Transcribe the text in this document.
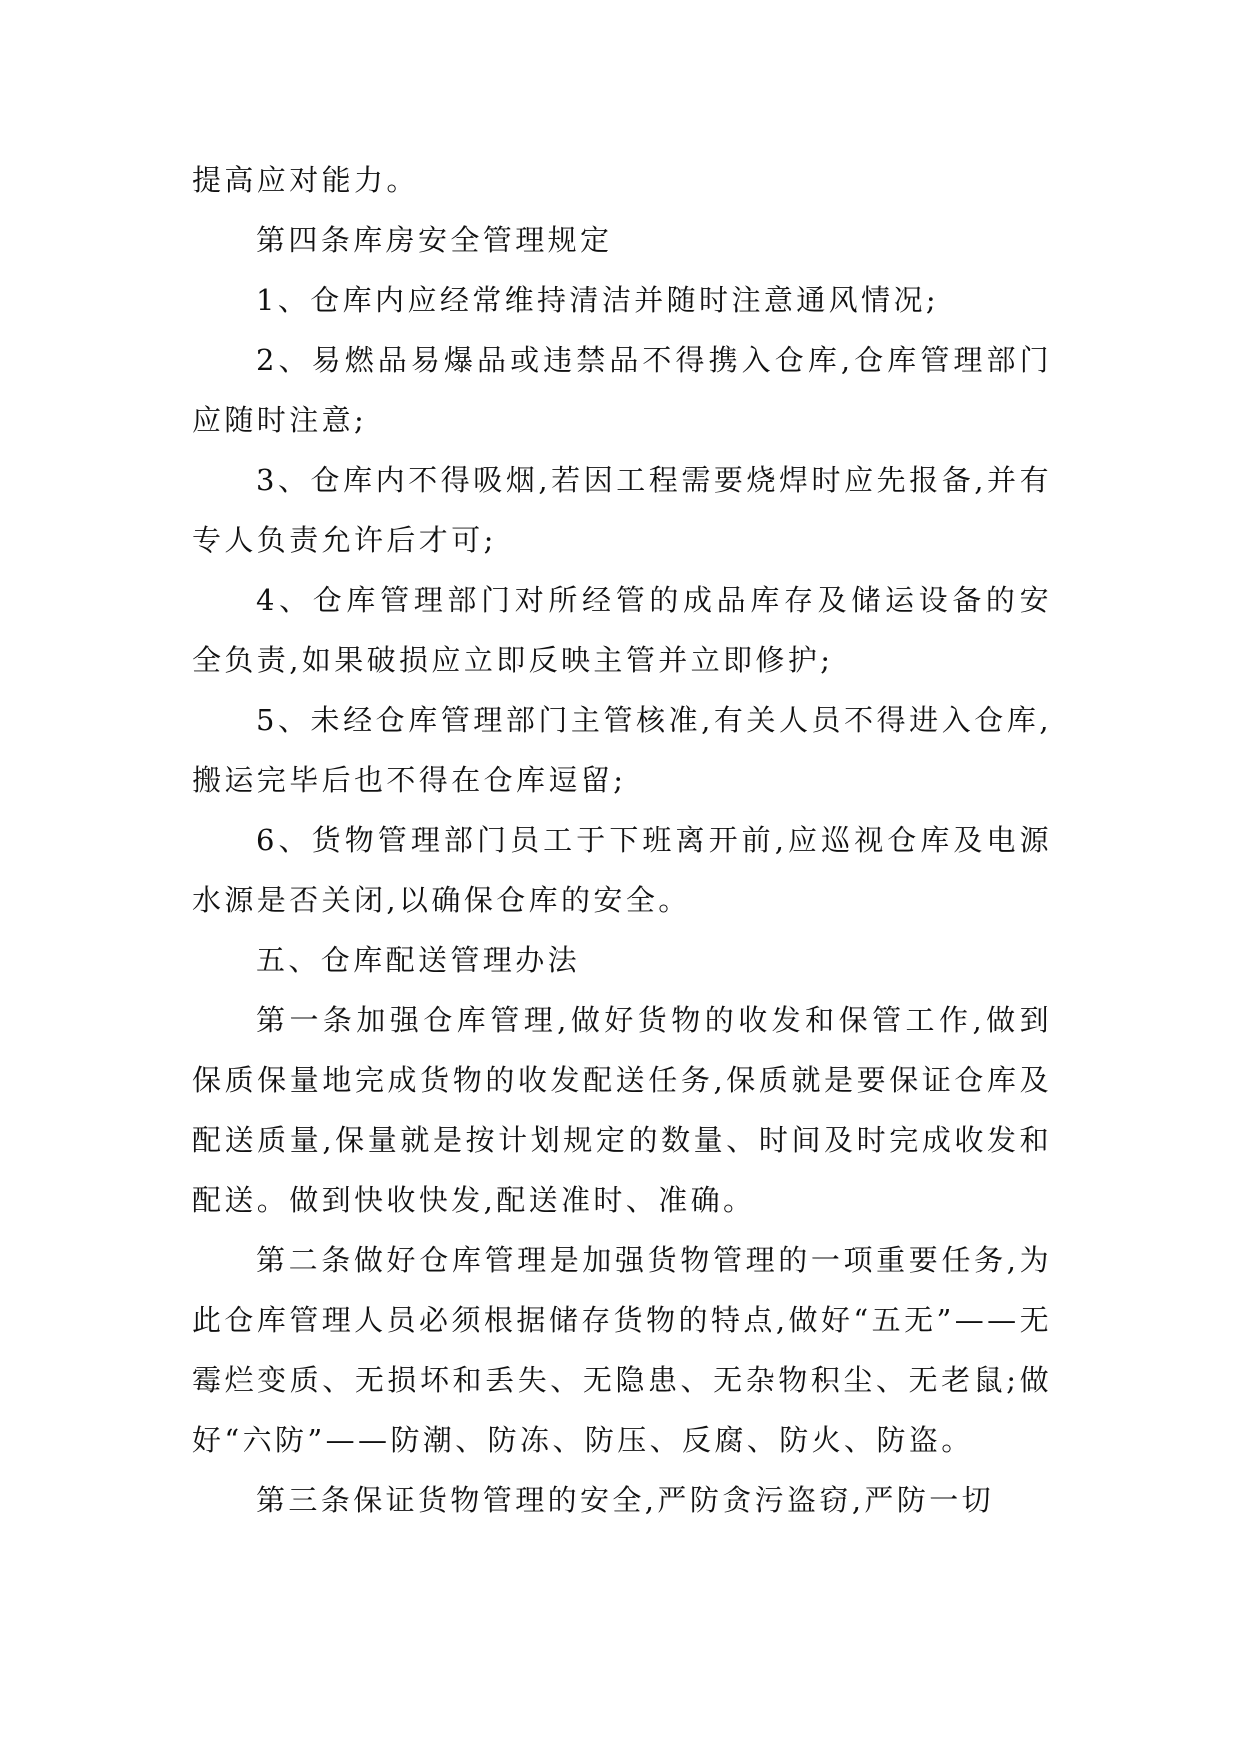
提高应对能力。

第四条库房安全管理规定

1、仓库内应经常维持清洁并随时注意通风情况;

2、易燃品易爆品或违禁品不得携入仓库,仓库管理部门应随时注意;

3、仓库内不得吸烟,若因工程需要烧焊时应先报备,并有专人负责允许后才可;

4、仓库管理部门对所经管的成品库存及储运设备的安全负责,如果破损应立即反映主管并立即修护;

5、未经仓库管理部门主管核准,有关人员不得进入仓库,搬运完毕后也不得在仓库逗留;

6、货物管理部门员工于下班离开前,应巡视仓库及电源水源是否关闭,以确保仓库的安全。

五、仓库配送管理办法

第一条加强仓库管理,做好货物的收发和保管工作,做到保质保量地完成货物的收发配送任务,保质就是要保证仓库及配送质量,保量就是按计划规定的数量、时间及时完成收发和配送。做到快收快发,配送准时、准确。

第二条做好仓库管理是加强货物管理的一项重要任务,为此仓库管理人员必须根据储存货物的特点,做好“五无”——无霉烂变质、无损坏和丢失、无隐患、无杂物积尘、无老鼠;做好“六防”——防潮、防冻、防压、反腐、防火、防盗。

第三条保证货物管理的安全,严防贪污盗窃,严防一切
